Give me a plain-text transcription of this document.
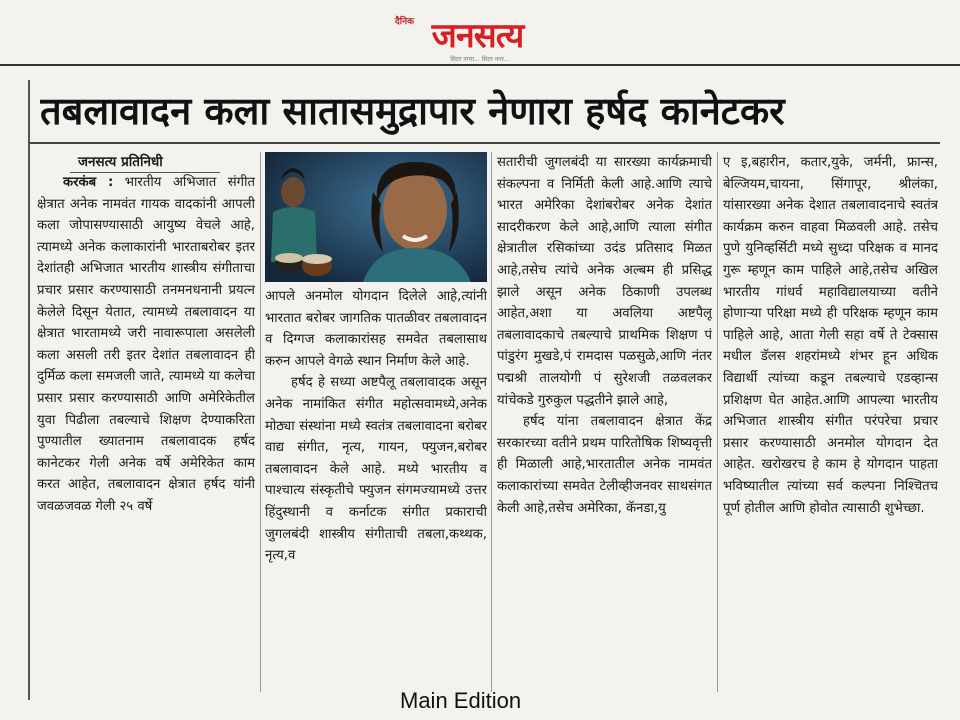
दैनिक जनसत्य
सिटर नगरा... सिटर नगर...
तबलावादन कला सातासमुद्रापार नेणारा हर्षद कानेटकर
जनसत्य प्रतिनिधी

करकंब : भारतीय अभिजात संगीत क्षेत्रात अनेक नामवंत गायक वादकांनी आपली कला जोपासण्यासाठी आयुष्य वेचले आहे, त्यामध्ये अनेक कलाकारांनी भारताबरोबर इतर देशांतही अभिजात भारतीय शास्त्रीय संगीताचा प्रचार प्रसार करण्यासाठी तनमनधनानी प्रयत्न केलेले दिसून येतात, त्यामध्ये तबलावादन या क्षेत्रात भारतामध्ये जरी नावारूपाला असलेली कला असली तरी इतर देशांत तबलावादन ही दुर्मिळ कला समजली जाते, त्यामध्ये या कलेचा प्रसार प्रसार करण्यासाठी आणि अमेरिकेतील युवा पिढीला तबल्याचे शिक्षण देण्याकरिता पुण्यातील ख्यातनाम तबलावादक हर्षद कानेटकर गेली अनेक वर्षे अमेरिकेत काम करत आहेत, तबलावादन क्षेत्रात हर्षद यांनी जवळजवळ गेली २५ वर्षे

आपले अनमोल योगदान दिलेले आहे,त्यांनी भारतात बरोबर जागतिक पातळीवर तबलावादन व दिग्गज कलाकारांसह समवेत तबलासाथ करुन आपले वेगळे स्थान निर्माण केले आहे.

हर्षद हे सध्या अष्टपैलू तबलावादक असून अनेक नामांकित संगीत महोत्सवामध्ये,अनेक मोठ्या संस्थांना मध्ये स्वतंत्र तबलावादना बरोबर वाद्य संगीत, नृत्य, गायन, फ्युजन,बरोबर तबलावादन केले आहे. मध्ये भारतीय व पाश्चात्य संस्कृतीचे फ्युजन संगमज्यामध्ये उत्तर हिंदुस्थानी व कर्नाटक संगीत प्रकाराची जुगलबंदी शास्त्रीय संगीताची तबला,कथ्थक, नृत्य,व

सतारीची जुगलबंदी या सारख्या कार्यक्रमाची संकल्पना व निर्मिती केली आहे.आणि त्याचे भारत अमेरिका देशांबरोबर अनेक देशांत सादरीकरण केले आहे,आणि त्याला संगीत क्षेत्रातील रसिकांच्या उदंड प्रतिसाद मिळत आहे,तसेच त्यांचे अनेक अल्बम ही प्रसिद्ध झाले असून अनेक ठिकाणी उपलब्ध आहेत,अशा या अवलिया अष्टपैलू तबलावादकाचे तबल्याचे प्राथमिक शिक्षण पं पांडुरंग मुखडे,पं रामदास पळसुळे,आणि नंतर पद्मश्री तालयोगी पं सुरेशजी तळवलकर यांचेकडे गुरुकुल पद्धतीने झाले आहे,

हर्षद यांना तबलावादन क्षेत्रात केंद्र सरकारच्या वतीने प्रथम पारितोषिक शिष्यवृत्ती ही मिळाली आहे,भारतातील अनेक नामवंत कलाकारांच्या समवेत टेलीव्हीजनवर साथसंगत केली आहे,तसेच अमेरिका, कॅनडा,यु

ए इ,बहारीन, कतार,युके, जर्मनी, फ्रान्स, बेल्जियम,चायना, सिंगापूर, श्रीलंका, यांसारख्या अनेक देशात तबलावादनाचे स्वतंत्र कार्यक्रम करुन वाहवा मिळवली आहे. तसेच पुणे युनिव्हर्सिटी मध्ये सुध्दा परिक्षक व मानद गुरू म्हणून काम पाहिले आहे,तसेच अखिल भारतीय गांधर्व महाविद्यालयाच्या वतीने होणाऱ्या परिक्षा मध्ये ही परिक्षक म्हणून काम पाहिले आहे, आता गेली सहा वर्षे ते टेक्सास मधील डॅलस शहरांमध्ये शंभर हून अधिक विद्यार्थी त्यांच्या कडून तबल्याचे एडव्हान्स प्रशिक्षण घेत आहेत.आणि आपल्या भारतीय अभिजात शास्त्रीय संगीत परंपरेचा प्रचार प्रसार करण्यासाठी अनमोल योगदान देत आहेत. खरोखरच हे काम हे योगदान पाहता भविष्यातील त्यांच्या सर्व कल्पना निश्चितच पूर्ण होतील आणि होवोत त्यासाठी शुभेच्छा.

Main Edition
